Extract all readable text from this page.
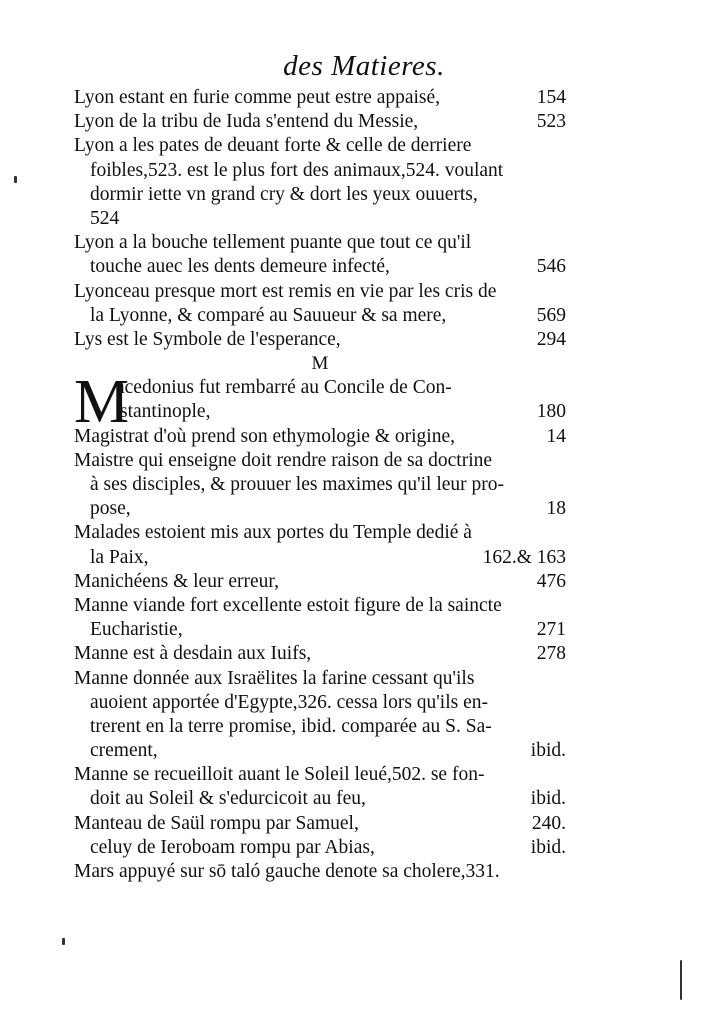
des Matieres.
Lyon estant en furie comme peut estre appaisé,	154
Lyon de la tribu de Iuda s'entend du Messie,	523
Lyon a les pates de deuant forte & celle de derriere
foibles,523. est le plus fort des animaux,524. voulant
dormir iette vn grand cry & dort les yeux ouuerts,
524
Lyon a la bouche tellement puante que tout ce qu'il
touche auec les dents demeure infecté,	546
Lyonceau presque mort est remis en vie par les cris de
la Lyonne, & comparé au Sauueur & sa mere,	569
Lys est le Symbole de l'esperance,	294
M
M
acedonius fut rembarré au Concile de Con-
stantinople,	180
Magistrat d'où prend son ethymologie & origine,	14
Maistre qui enseigne doit rendre raison de sa doctrine
à ses disciples, & prouuer les maximes qu'il leur pro-
pose,	18
Malades estoient mis aux portes du Temple dedié à
la Paix,	162.& 163
Manichéens & leur erreur,	476
Manne viande fort excellente estoit figure de la saincte
Eucharistie,	271
Manne est à desdain aux Iuifs,	278
Manne donnée aux Israëlites la farine cessant qu'ils
auoient apportée d'Egypte,326. cessa lors qu'ils en-
trerent en la terre promise, ibid. comparée au S. Sa-
crement,	ibid.
Manne se recueilloit auant le Soleil leué,502. se fon-
doit au Soleil & s'edurcicoit au feu,	ibid.
Manteau de Saül rompu par Samuel,	240.
celuy de Ieroboam rompu par Abias,	ibid.
Mars appuyé sur sō taló gauche denote sa cholere,331.
